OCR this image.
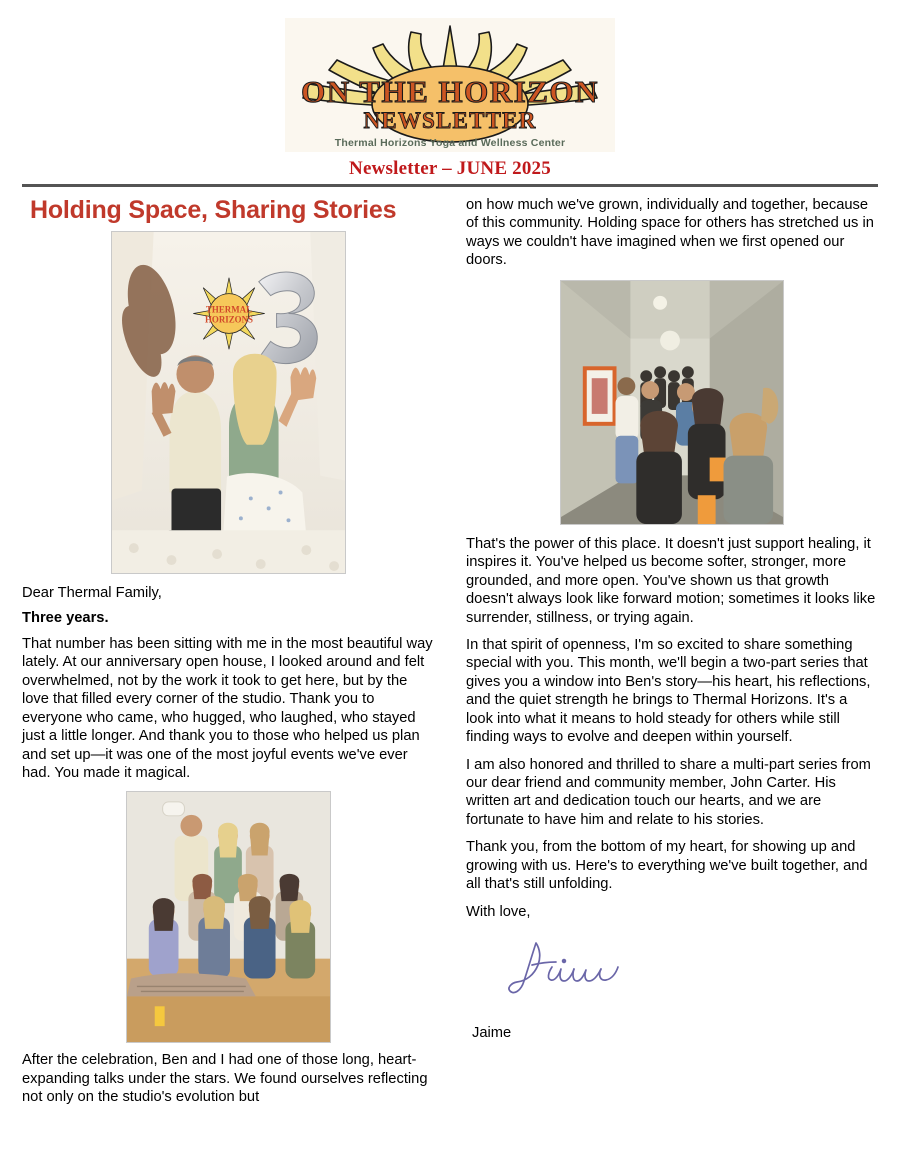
ON THE HORIZON
NEWSLETTER
Thermal Horizons Yoga and Wellness Center
Newsletter – JUNE 2025
Holding Space, Sharing Stories
THERMAL
HORIZONS

Dear Thermal Family,

Three years.

That number has been sitting with me in the most beautiful way lately. At our anniversary open house, I looked around and felt overwhelmed, not by the work it took to get here, but by the love that filled every corner of the studio. Thank you to everyone who came, who hugged, who laughed, who stayed just a little longer. And thank you to those who helped us plan and set up—it was one of the most joyful events we've ever had. You made it magical.

After the celebration, Ben and I had one of those long, heart-expanding talks under the stars. We found ourselves reflecting not only on the studio's evolution but

on how much we've grown, individually and together, because of this community. Holding space for others has stretched us in ways we couldn't have imagined when we first opened our doors.

That's the power of this place. It doesn't just support healing, it inspires it. You've helped us become softer, stronger, more grounded, and more open. You've shown us that growth doesn't always look like forward motion; sometimes it looks like surrender, stillness, or trying again.

In that spirit of openness, I'm so excited to share something special with you. This month, we'll begin a two-part series that gives you a window into Ben's story—his heart, his reflections, and the quiet strength he brings to Thermal Horizons. It's a look into what it means to hold steady for others while still finding ways to evolve and deepen within yourself.

I am also honored and thrilled to share a multi-part series from our dear friend and community member, John Carter. His written art and dedication touch our hearts, and we are fortunate to have him and relate to his stories.

Thank you, from the bottom of my heart, for showing up and growing with us. Here's to everything we've built together, and all that's still unfolding.

With love,

Jaime
